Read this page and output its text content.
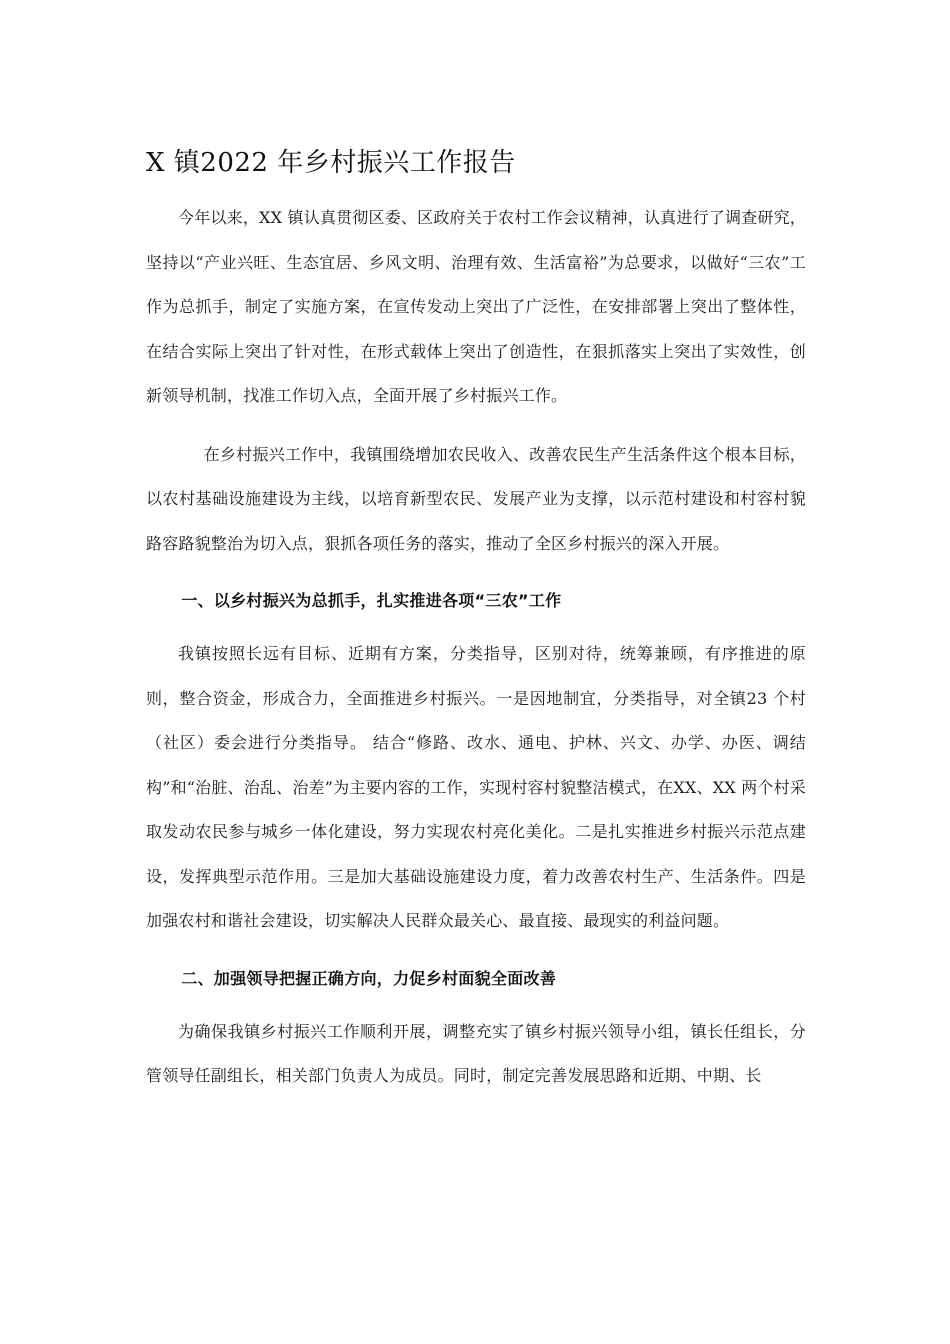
X 镇2022 年乡村振兴工作报告

今年以来，XX 镇认真贯彻区委、区政府关于农村工作会议精神，认真进行了调查研究，坚持以“产业兴旺、生态宜居、乡风文明、治理有效、生活富裕”为总要求，以做好“三农”工作为总抓手，制定了实施方案，在宣传发动上突出了广泛性，在安排部署上突出了整体性，在结合实际上突出了针对性，在形式载体上突出了创造性，在狠抓落实上突出了实效性，创新领导机制，找准工作切入点，全面开展了乡村振兴工作。

在乡村振兴工作中，我镇围绕增加农民收入、改善农民生产生活条件这个根本目标，以农村基础设施建设为主线，以培育新型农民、发展产业为支撑，以示范村建设和村容村貌路容路貌整治为切入点，狠抓各项任务的落实，推动了全区乡村振兴的深入开展。

一、以乡村振兴为总抓手，扎实推进各项“三农”工作

我镇按照长远有目标、近期有方案，分类指导，区别对待，统筹兼顾，有序推进的原则，整合资金，形成合力，全面推进乡村振兴。一是因地制宜，分类指导，对全镇23 个村（社区）委会进行分类指导。 结合“修路、改水、通电、护林、兴文、办学、办医、调结构”和“治脏、治乱、治差”为主要内容的工作，实现村容村貌整洁模式，在XX、XX 两个村采取发动农民参与城乡一体化建设，努力实现农村亮化美化。二是扎实推进乡村振兴示范点建设，发挥典型示范作用。三是加大基础设施建设力度，着力改善农村生产、生活条件。四是加强农村和谐社会建设，切实解决人民群众最关心、最直接、最现实的利益问题。

二、加强领导把握正确方向，力促乡村面貌全面改善

为确保我镇乡村振兴工作顺利开展，调整充实了镇乡村振兴领导小组，镇长任组长，分管领导任副组长，相关部门负责人为成员。同时，制定完善发展思路和近期、中期、长
